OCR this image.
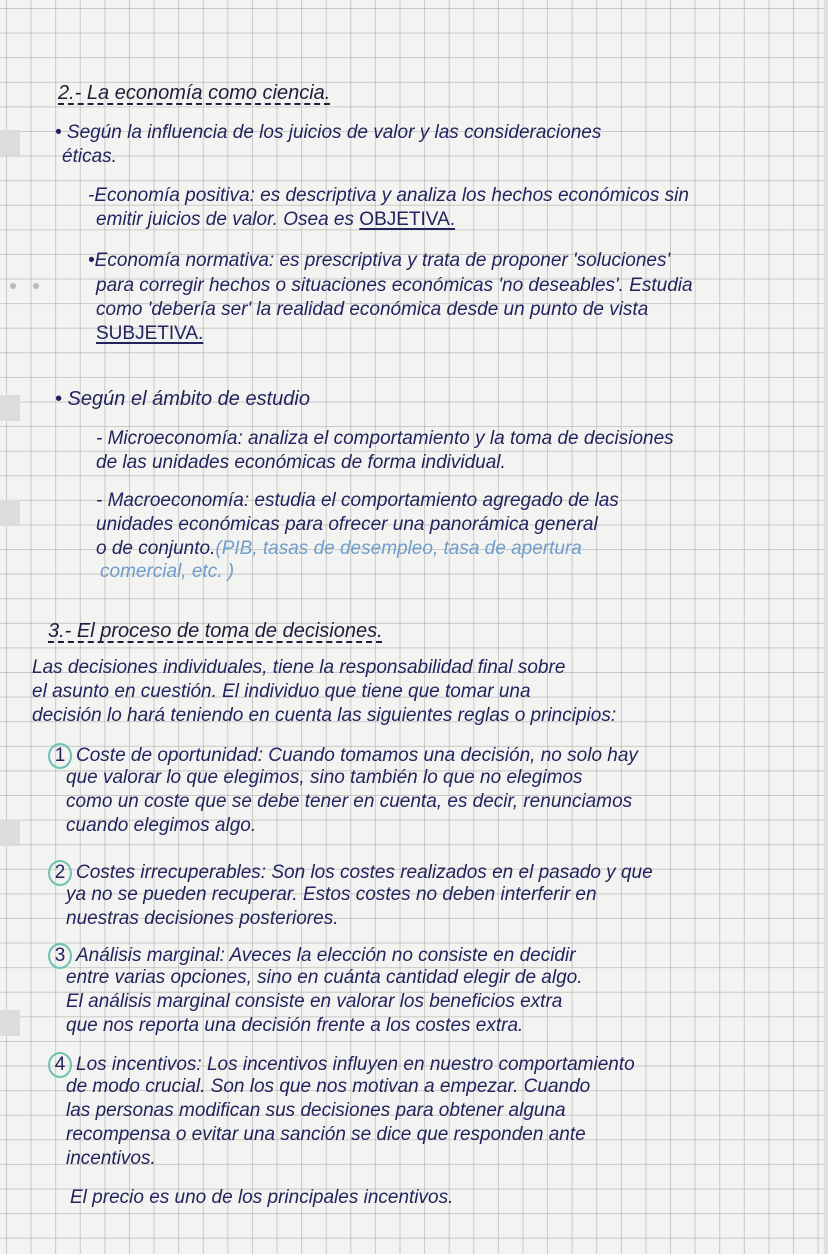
2.- La economía como ciencia.
• Según la influencia de los juicios de valor y las consideraciones
éticas.
-Economía positiva: es descriptiva y analiza los hechos económicos sin
emitir juicios de valor. Osea es OBJETIVA.
•Economía normativa: es prescriptiva y trata de proponer 'soluciones'
para corregir hechos o situaciones económicas 'no deseables'. Estudia
como 'debería ser' la realidad económica desde un punto de vista
SUBJETIVA.
• Según el ámbito de estudio
- Microeconomía: analiza el comportamiento y la toma de decisiones
de las unidades económicas de forma individual.
- Macroeconomía: estudia el comportamiento agregado de las
unidades económicas para ofrecer una panorámica general
o de conjunto.(PIB, tasas de desempleo, tasa de apertura
comercial, etc. )
3.- El proceso de toma de decisiones.
Las decisiones individuales, tiene la responsabilidad final sobre
el asunto en cuestión. El individuo que tiene que tomar una
decisión lo hará teniendo en cuenta las siguientes reglas o principios:
1 Coste de oportunidad: Cuando tomamos una decisión, no solo hay
que valorar lo que elegimos, sino también lo que no elegimos
como un coste que se debe tener en cuenta, es decir, renunciamos
cuando elegimos algo.
2 Costes irrecuperables: Son los costes realizados en el pasado y que
ya no se pueden recuperar. Estos costes no deben interferir en
nuestras decisiones posteriores.
3 Análisis marginal: Aveces la elección no consiste en decidir
entre varias opciones, sino en cuánta cantidad elegir de algo.
El análisis marginal consiste en valorar los beneficios extra
que nos reporta una decisión frente a los costes extra.
4 Los incentivos: Los incentivos influyen en nuestro comportamiento
de modo crucial. Son los que nos motivan a empezar. Cuando
las personas modifican sus decisiones para obtener alguna
recompensa o evitar una sanción se dice que responden ante
incentivos.
El precio es uno de los principales incentivos.
